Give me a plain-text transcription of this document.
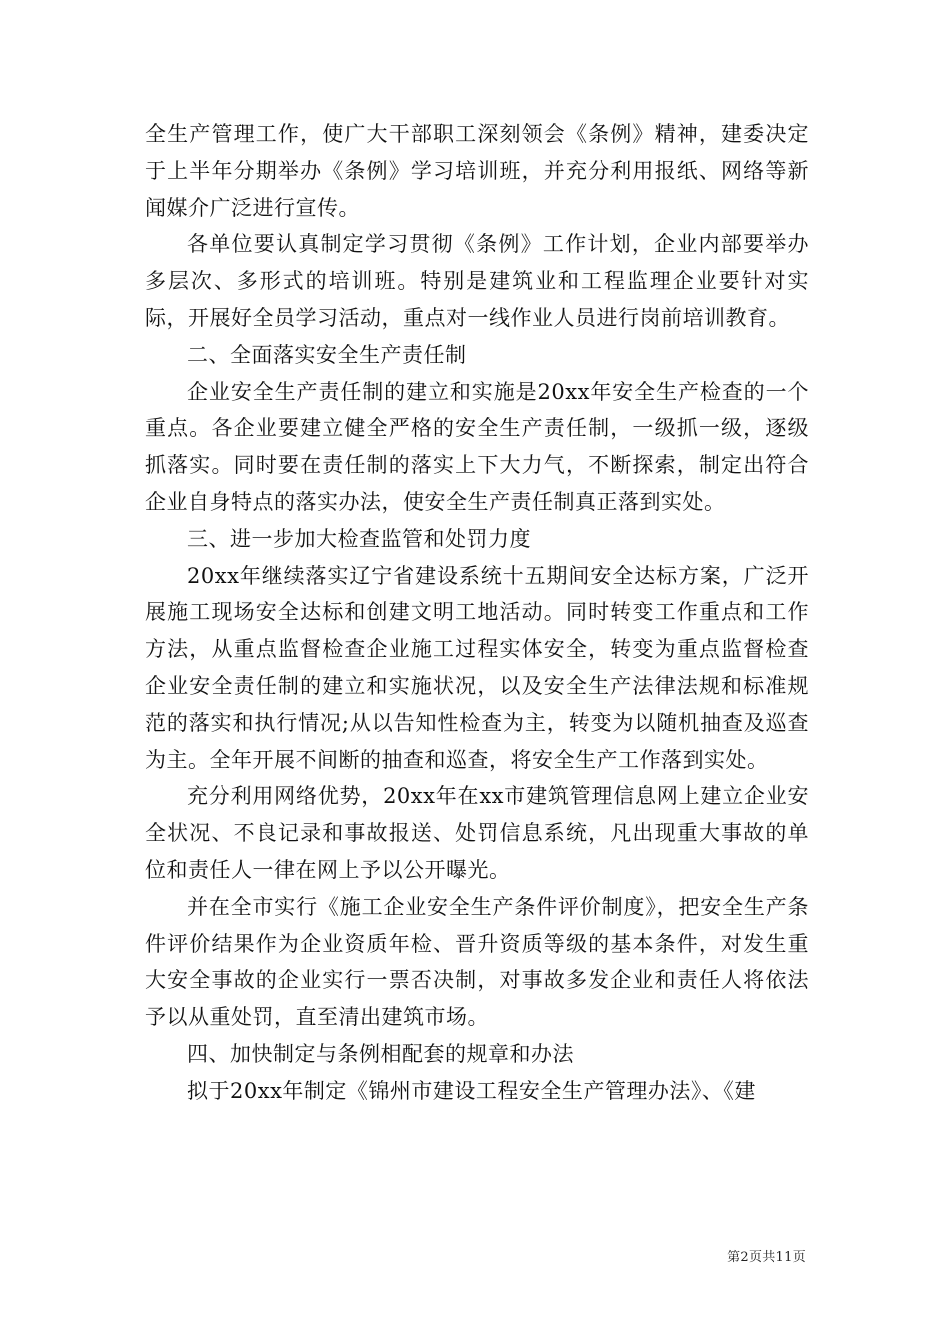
全生产管理工作，使广大干部职工深刻领会《条例》精神，建委决定于上半年分期举办《条例》学习培训班，并充分利用报纸、网络等新闻媒介广泛进行宣传。

各单位要认真制定学习贯彻《条例》工作计划，企业内部要举办多层次、多形式的培训班。特别是建筑业和工程监理企业要针对实际，开展好全员学习活动，重点对一线作业人员进行岗前培训教育。

二、全面落实安全生产责任制

企业安全生产责任制的建立和实施是20xx年安全生产检查的一个重点。各企业要建立健全严格的安全生产责任制，一级抓一级，逐级抓落实。同时要在责任制的落实上下大力气，不断探索，制定出符合企业自身特点的落实办法，使安全生产责任制真正落到实处。

三、进一步加大检查监管和处罚力度

20xx年继续落实辽宁省建设系统十五期间安全达标方案，广泛开展施工现场安全达标和创建文明工地活动。同时转变工作重点和工作方法，从重点监督检查企业施工过程实体安全，转变为重点监督检查企业安全责任制的建立和实施状况，以及安全生产法律法规和标准规范的落实和执行情况;从以告知性检查为主，转变为以随机抽查及巡查为主。全年开展不间断的抽查和巡查，将安全生产工作落到实处。

充分利用网络优势，20xx年在xx市建筑管理信息网上建立企业安全状况、不良记录和事故报送、处罚信息系统，凡出现重大事故的单位和责任人一律在网上予以公开曝光。

并在全市实行《施工企业安全生产条件评价制度》，把安全生产条件评价结果作为企业资质年检、晋升资质等级的基本条件，对发生重大安全事故的企业实行一票否决制，对事故多发企业和责任人将依法予以从重处罚，直至清出建筑市场。

四、加快制定与条例相配套的规章和办法

拟于20xx年制定《锦州市建设工程安全生产管理办法》、《建

第2页共11页
